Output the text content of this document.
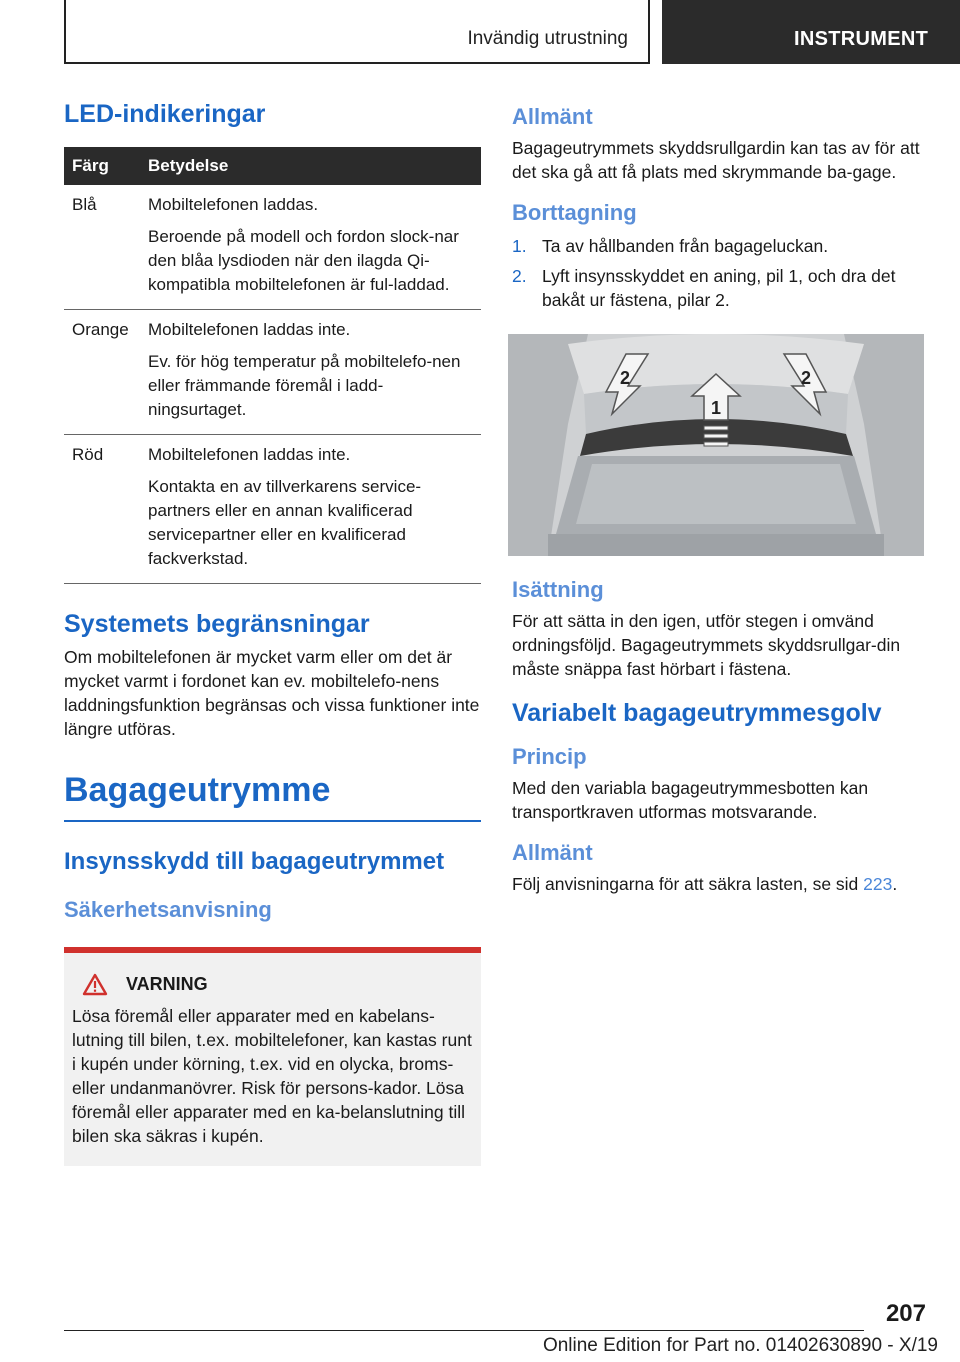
Invändig utrustning	INSTRUMENT
LED-indikeringar
Färg	Betydelse
Blå	Mobiltelefonen laddas.

Beroende på modell och fordon slock-nar den blåa lysdioden när den ilagda Qi-kompatibla mobiltelefonen är ful-laddad.

Orange	Mobiltelefonen laddas inte.

Ev. för hög temperatur på mobiltelefo-nen eller främmande föremål i ladd-ningsurtaget.

Röd	Mobiltelefonen laddas inte.

Kontakta en av tillverkarens service-partners eller en annan kvalificerad servicepartner eller en kvalificerad fackverkstad.

Systemets begränsningar

Om mobiltelefonen är mycket varm eller om det är mycket varmt i fordonet kan ev. mobiltelefo-nens laddningsfunktion begränsas och vissa funktioner inte längre utföras.

Bagageutrymme
Insynsskydd till bagageutrymmet
Säkerhetsanvisning
VARNING

Lösa föremål eller apparater med en kabelans-lutning till bilen, t.ex. mobiltelefoner, kan kastas runt i kupén under körning, t.ex. vid en olycka, broms- eller undanmanövrer. Risk för persons-kador. Lösa föremål eller apparater med en ka-belanslutning till bilen ska säkras i kupén.

Allmänt

Bagageutrymmets skyddsrullgardin kan tas av för att det ska gå att få plats med skrymmande ba-gage.

Borttagning
1. Ta av hållbanden från bagageluckan.
2. Lyft insynsskyddet en aning, pil 1, och dra det bakåt ur fästena, pilar 2.
2	2
1
Isättning

För att sätta in den igen, utför stegen i omvänd ordningsföljd. Bagageutrymmets skyddsrullgar-din måste snäppa fast hörbart i fästena.

Variabelt bagageutrymmesgolv
Princip

Med den variabla bagageutrymmesbotten kan transportkraven utformas motsvarande.

Allmänt

Följ anvisningarna för att säkra lasten, se sid 223.

207
Online Edition for Part no. 01402630890 - X/19
